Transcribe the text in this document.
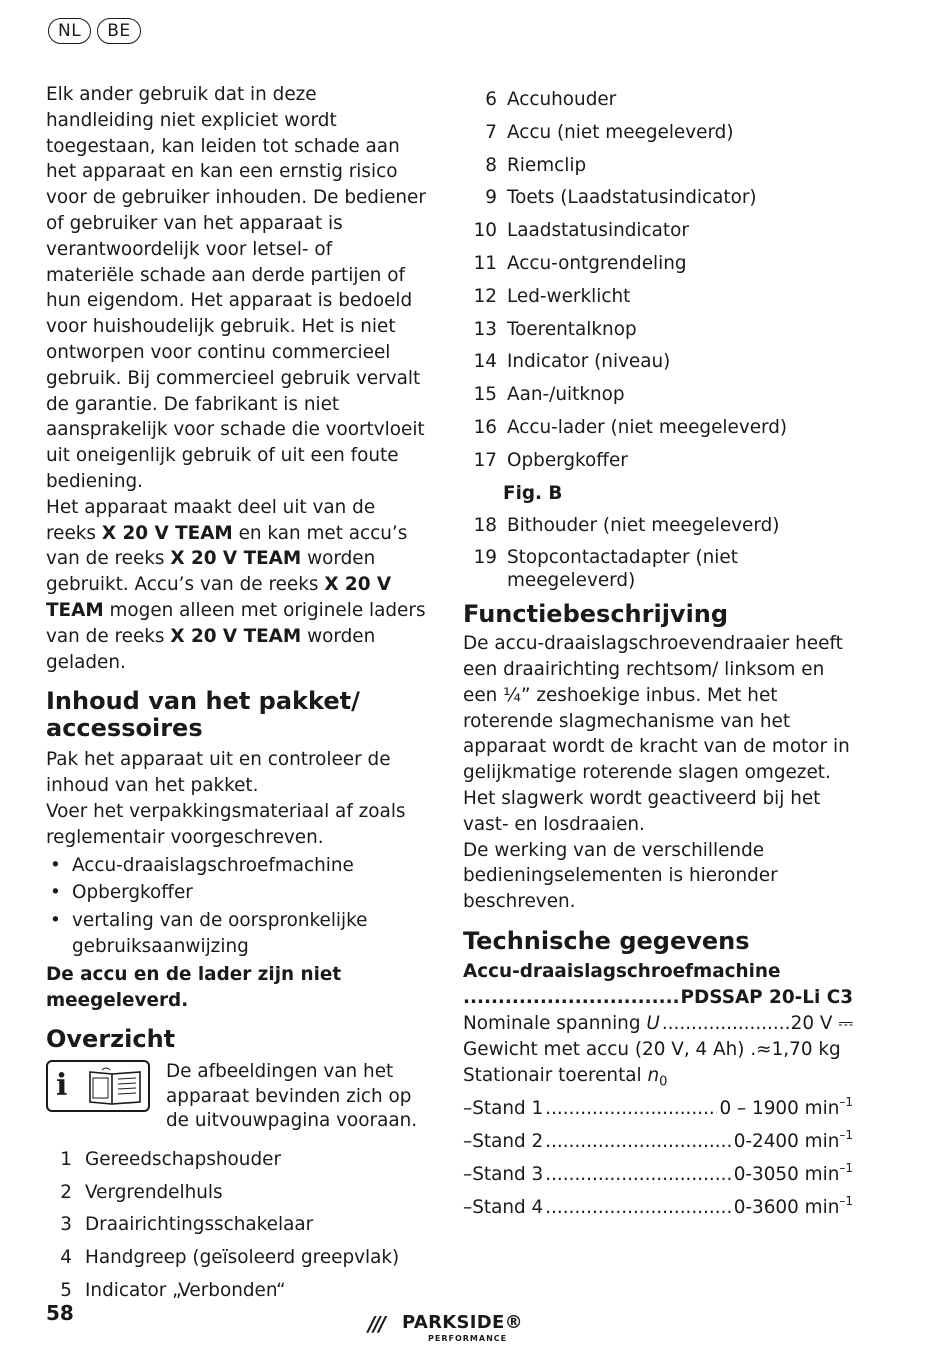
NL	BE

Elk ander gebruik dat in deze handleiding niet expliciet wordt toegestaan, kan leiden tot schade aan het apparaat en kan een ernstig risico voor de gebruiker inhouden. De bediener of gebruiker van het apparaat is verantwoordelijk voor letsel- of materiële schade aan derde partijen of hun eigendom. Het apparaat is bedoeld voor huishoudelijk gebruik. Het is niet ontworpen voor continu commercieel gebruik. Bij commercieel gebruik vervalt de garantie. De fabrikant is niet aansprakelijk voor schade die voortvloeit uit oneigenlijk gebruik of uit een foute bediening.

Het apparaat maakt deel uit van de reeks X 20 V TEAM en kan met accu’s van de reeks X 20 V TEAM worden gebruikt. Accu’s van de reeks X 20 V TEAM mogen alleen met originele laders van de reeks X 20 V TEAM worden geladen.

Inhoud van het pakket/ accessoires

Pak het apparaat uit en controleer de inhoud van het pakket.

Voer het verpakkingsmateriaal af zoals reglementair voorgeschreven.

• Accu-draaislagschroefmachine
• Opbergkoffer
• vertaling van de oorspronkelijke gebruiksaanwijzing

De accu en de lader zijn niet meegeleverd.

Overzicht
i	De afbeeldingen van het apparaat bevinden zich op de uitvouwpagina vooraan.

1 Gereedschapshouder
2 Vergrendelhuls
3 Draairichtingsschakelaar
4 Handgreep (geïsoleerd greepvlak)
5 Indicator „Verbonden“
6 Accuhouder
7 Accu (niet meegeleverd)
8 Riemclip
9 Toets (Laadstatusindicator)
10 Laadstatusindicator
11 Accu-ontgrendeling
12 Led-werklicht
13 Toerentalknop
14 Indicator (niveau)
15 Aan-/uitknop
16 Accu-lader (niet meegeleverd)
17 Opbergkoffer
Fig. B
18 Bithouder (niet meegeleverd)
19 Stopcontactadapter (niet meegeleverd)
Functiebeschrijving

De accu-draaislagschroevendraaier heeft een draairichting rechtsom/ linksom en een ¼” zeshoekige inbus. Met het roterende slagmechanisme van het apparaat wordt de kracht van de motor in gelijkmatige roterende slagen omgezet. Het slagwerk wordt geactiveerd bij het vast- en losdraaien.

De werking van de verschillende bedieningselementen is hieronder beschreven.

Technische gegevens
Accu-draaislagschroefmachine
.....
PDSSAP 20-Li C3
Nominale spanning U .....	20 V ⎓
Gewicht met accu (20 V, 4 Ah) . ≈1,70 kg
Stationair toerental $n_0$
–Stand 1 .....	0 – 1900 $\min^{-1}$
–Stand 2 .....	0-2400 $\min^{-1}$
–Stand 3 .....	0-3050 $\min^{-1}$
–Stand 4 .....	0-3600 $\min^{-1}$
58	/// PARKSIDE®
PERFORMANCE
